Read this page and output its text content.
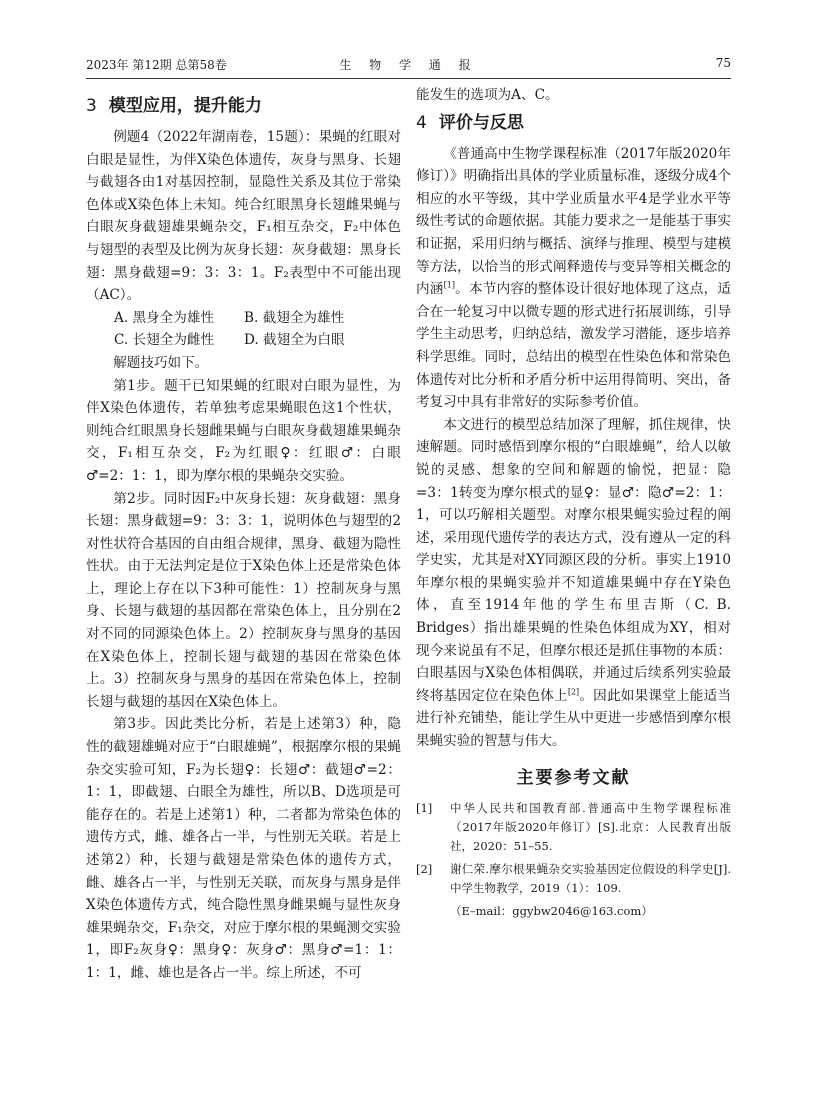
2023年 第12期 总第58卷	生 物 学 通 报	75
3 模型应用，提升能力

例题4（2022年湖南卷，15题）：果蝇的红眼对白眼是显性，为伴X染色体遗传，灰身与黑身、长翅与截翅各由1对基因控制，显隐性关系及其位于常染色体或X染色体上未知。纯合红眼黑身长翅雌果蝇与白眼灰身截翅雄果蝇杂交，F₁相互杂交，F₂中体色与翅型的表型及比例为灰身长翅：灰身截翅：黑身长翅：黑身截翅=9：3：3：1。F₂表型中不可能出现（AC）。

A. 黑身全为雄性	B. 截翅全为雄性
C. 长翅全为雌性	D. 截翅全为白眼

解题技巧如下。

第1步。题干已知果蝇的红眼对白眼为显性，为伴X染色体遗传，若单独考虑果蝇眼色这1个性状，则纯合红眼黑身长翅雌果蝇与白眼灰身截翅雄果蝇杂交，F₁相互杂交，F₂为红眼♀：红眼♂：白眼♂=2：1：1，即为摩尔根的果蝇杂交实验。

第2步。同时因F₂中灰身长翅：灰身截翅：黑身长翅：黑身截翅=9：3：3：1，说明体色与翅型的2对性状符合基因的自由组合规律，黑身、截翅为隐性性状。由于无法判定是位于X染色体上还是常染色体上，理论上存在以下3种可能性：1）控制灰身与黑身、长翅与截翅的基因都在常染色体上，且分别在2对不同的同源染色体上。2）控制灰身与黑身的基因在X染色体上，控制长翅与截翅的基因在常染色体上。3）控制灰身与黑身的基因在常染色体上，控制长翅与截翅的基因在X染色体上。

第3步。因此类比分析，若是上述第3）种，隐性的截翅雄蝇对应于“白眼雄蝇”，根据摩尔根的果蝇杂交实验可知，F₂为长翅♀：长翅♂：截翅♂=2：1：1，即截翅、白眼全为雄性，所以B、D选项是可能存在的。若是上述第1）种，二者都为常染色体的遗传方式，雌、雄各占一半，与性别无关联。若是上述第2）种，长翅与截翅是常染色体的遗传方式，雌、雄各占一半，与性别无关联，而灰身与黑身是伴X染色体遗传方式，纯合隐性黑身雌果蝇与显性灰身雄果蝇杂交，F₁杂交，对应于摩尔根的果蝇测交实验1，即F₂灰身♀：黑身♀：灰身♂：黑身♂=1：1：1：1，雌、雄也是各占一半。综上所述，不可

能发生的选项为A、C。

4 评价与反思

《普通高中生物学课程标准（2017年版2020年修订）》明确指出具体的学业质量标准，逐级分成4个相应的水平等级，其中学业质量水平4是学业水平等级性考试的命题依据。其能力要求之一是能基于事实和证据，采用归纳与概括、演绎与推理、模型与建模等方法，以恰当的形式阐释遗传与变异等相关概念的内涵[1]。本节内容的整体设计很好地体现了这点，适合在一轮复习中以微专题的形式进行拓展训练，引导学生主动思考，归纳总结，激发学习潜能，逐步培养科学思维。同时，总结出的模型在性染色体和常染色体遗传对比分析和矛盾分析中运用得简明、突出，备考复习中具有非常好的实际参考价值。

本文进行的模型总结加深了理解，抓住规律，快速解题。同时感悟到摩尔根的“白眼雄蝇”，给人以敏锐的灵感、想象的空间和解题的愉悦，把显：隐=3：1转变为摩尔根式的显♀：显♂：隐♂=2：1：1，可以巧解相关题型。对摩尔根果蝇实验过程的阐述，采用现代遗传学的表达方式，没有遵从一定的科学史实，尤其是对XY同源区段的分析。事实上1910年摩尔根的果蝇实验并不知道雄果蝇中存在Y染色体，直至1914年他的学生布里吉斯（C. B. Bridges）指出雄果蝇的性染色体组成为XY，相对现今来说虽有不足，但摩尔根还是抓住事物的本质：白眼基因与X染色体相偶联，并通过后续系列实验最终将基因定位在染色体上[2]。因此如果课堂上能适当进行补充铺垫，能让学生从中更进一步感悟到摩尔根果蝇实验的智慧与伟大。

主要参考文献
[1]	中华人民共和国教育部.普通高中生物学课程标准（2017年版2020年修订）[S].北京：人民教育出版社，2020：51–55.
[2]	谢仁荣.摩尔根果蝇杂交实验基因定位假设的科学史[J].中学生物教学，2019（1）：109.
（E–mail：ggybw2046@163.com）
